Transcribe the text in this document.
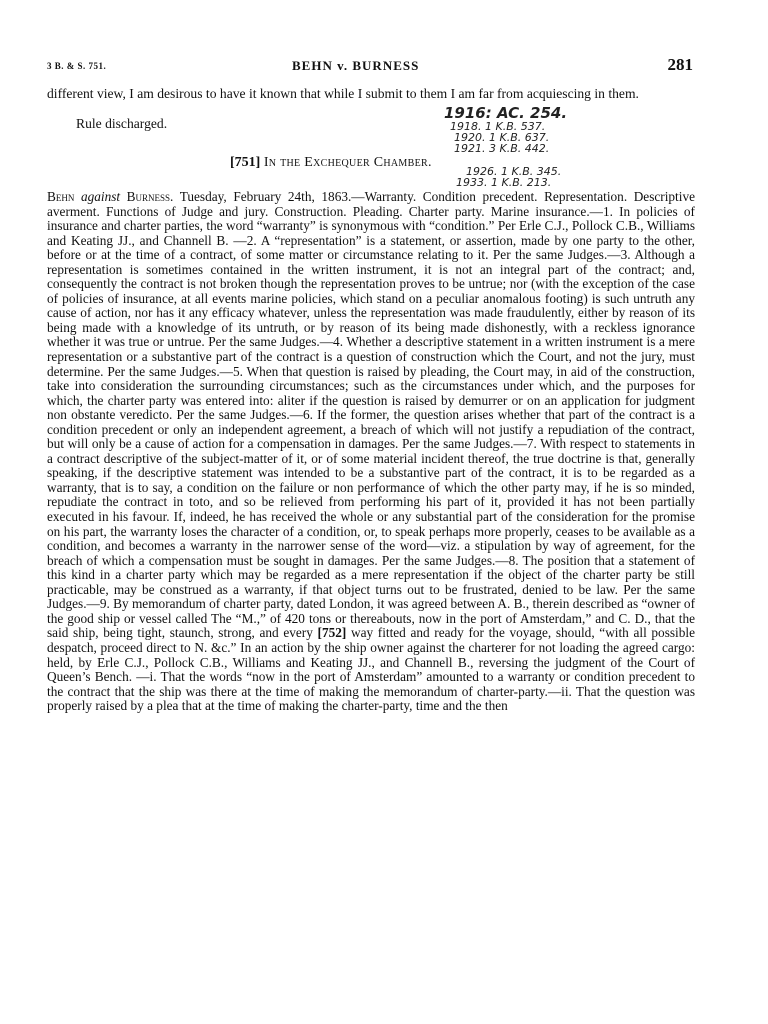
3 B. & S. 751.	BEHN v. BURNESS	281
different view, I am desirous to have it known that while I submit to them I am far from acquiescing in them.
Rule discharged.
1916: AC. 254.
1918. 1 K.B. 537.
1920. 1 K.B. 637.
1921. 3 K.B. 442.
1926. 1 K.B. 345.
1933. 1 K.B. 213.
[751] In the Exchequer Chamber.
Behn against Burness. Tuesday, February 24th, 1863.—Warranty. Condition precedent. Representation. Descriptive averment. Functions of Judge and jury. Construction. Pleading. Charter party. Marine insurance.—1. In policies of insurance and charter parties, the word “warranty” is synonymous with “condition.” Per Erle C.J., Pollock C.B., Williams and Keating JJ., and Channell B. —2. A “representation” is a statement, or assertion, made by one party to the other, before or at the time of a contract, of some matter or circumstance relating to it. Per the same Judges.—3. Although a representation is sometimes contained in the written instrument, it is not an integral part of the contract; and, consequently the contract is not broken though the representation proves to be untrue; nor (with the exception of the case of policies of insurance, at all events marine policies, which stand on a peculiar anomalous footing) is such untruth any cause of action, nor has it any efficacy whatever, unless the representation was made fraudulently, either by reason of its being made with a knowledge of its untruth, or by reason of its being made dishonestly, with a reckless ignorance whether it was true or untrue. Per the same Judges.—4. Whether a descriptive statement in a written instrument is a mere representation or a substantive part of the contract is a question of construction which the Court, and not the jury, must determine. Per the same Judges.—5. When that question is raised by pleading, the Court may, in aid of the construction, take into consideration the surrounding circumstances; such as the circumstances under which, and the purposes for which, the charter party was entered into: aliter if the question is raised by demurrer or on an application for judgment non obstante veredicto. Per the same Judges.—6. If the former, the question arises whether that part of the contract is a condition precedent or only an independent agreement, a breach of which will not justify a repudiation of the contract, but will only be a cause of action for a compensation in damages. Per the same Judges.—7. With respect to statements in a contract descriptive of the subject-matter of it, or of some material incident thereof, the true doctrine is that, generally speaking, if the descriptive statement was intended to be a substantive part of the contract, it is to be regarded as a warranty, that is to say, a condition on the failure or non performance of which the other party may, if he is so minded, repudiate the contract in toto, and so be relieved from performing his part of it, provided it has not been partially executed in his favour. If, indeed, he has received the whole or any substantial part of the consideration for the promise on his part, the warranty loses the character of a condition, or, to speak perhaps more properly, ceases to be available as a condition, and becomes a warranty in the narrower sense of the word—viz. a stipulation by way of agreement, for the breach of which a compensation must be sought in damages. Per the same Judges.—8. The position that a statement of this kind in a charter party which may be regarded as a mere representation if the object of the charter party be still practicable, may be construed as a warranty, if that object turns out to be frustrated, denied to be law. Per the same Judges.—9. By memorandum of charter party, dated London, it was agreed between A. B., therein described as “owner of the good ship or vessel called The “M.,” of 420 tons or thereabouts, now in the port of Amsterdam,” and C. D., that the said ship, being tight, staunch, strong, and every [752] way fitted and ready for the voyage, should, “with all possible despatch, proceed direct to N. &c.” In an action by the ship owner against the charterer for not loading the agreed cargo: held, by Erle C.J., Pollock C.B., Williams and Keating JJ., and Channell B., reversing the judgment of the Court of Queen’s Bench. —i. That the words “now in the port of Amsterdam” amounted to a warranty or condition precedent to the contract that the ship was there at the time of making the memorandum of charter-party.—ii. That the question was properly raised by a plea that at the time of making the charter-party, time and the then
